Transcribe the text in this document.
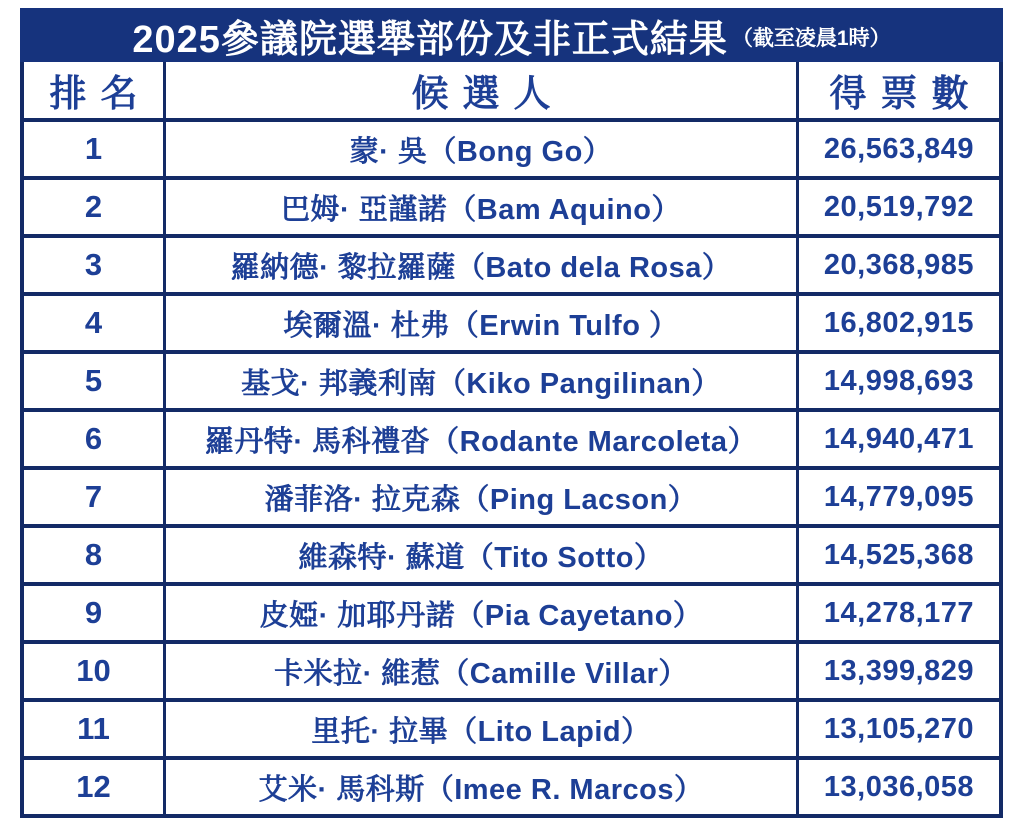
2025參議院選舉部份及非正式結果 （截至凌晨1時）
排名	候選人	得票數
1	蒙· 吳（Bong Go）	26,563,849
2	巴姆· 亞謹諾（Bam Aquino）	20,519,792
3	羅納德· 黎拉羅薩（Bato dela Rosa）	20,368,985
4	埃爾溫· 杜弗（Erwin Tulfo ）	16,802,915
5	基戈· 邦義利南（Kiko Pangilinan）	14,998,693
6	羅丹特· 馬科禮沓（Rodante Marcoleta）	14,940,471
7	潘菲洛· 拉克森（Ping Lacson）	14,779,095
8	維森特· 蘇道（Tito Sotto）	14,525,368
9	皮婭· 加耶丹諾（Pia Cayetano）	14,278,177
10	卡米拉· 維惹（Camille Villar）	13,399,829
11	里托· 拉畢（Lito Lapid）	13,105,270
12	艾米· 馬科斯（Imee R. Marcos）	13,036,058
